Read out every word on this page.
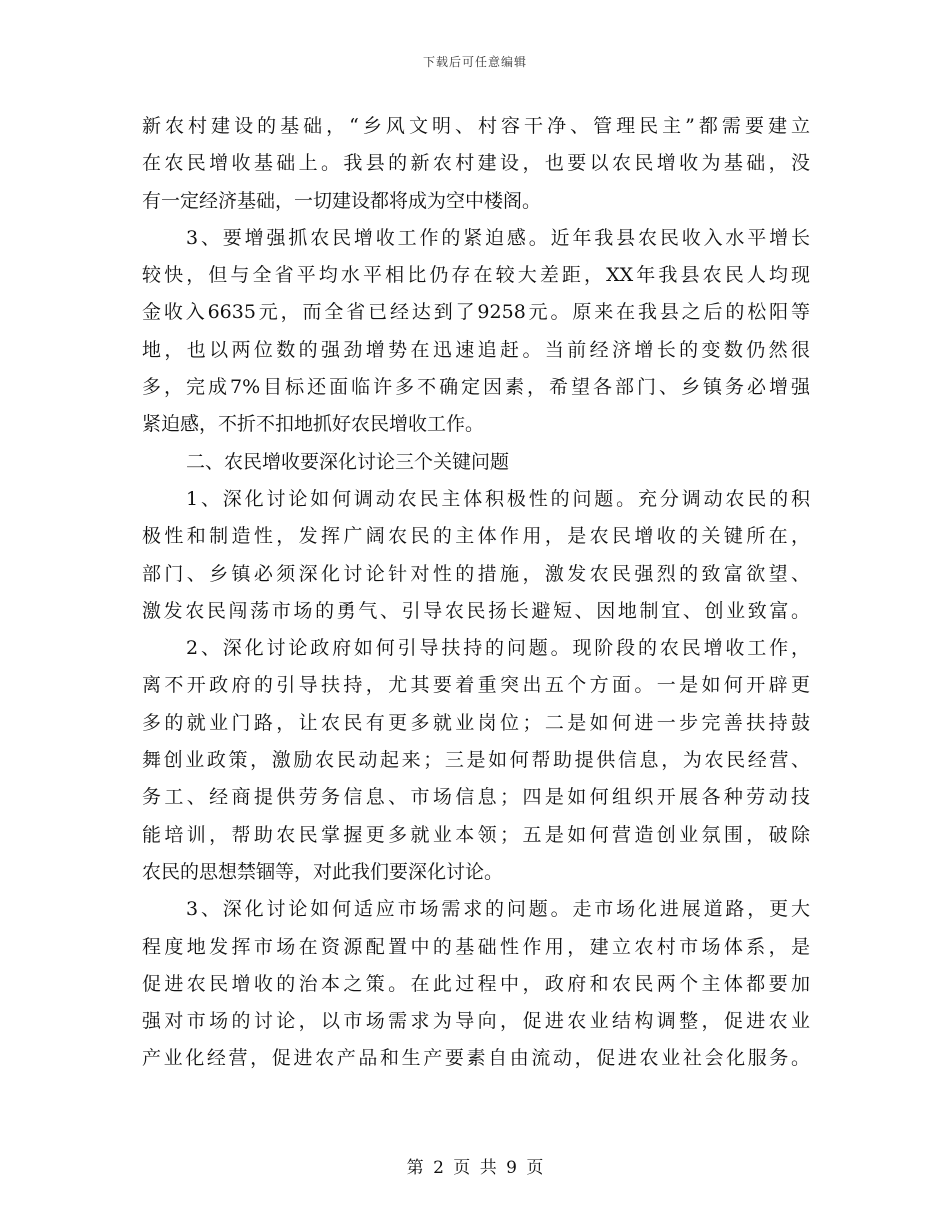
下载后可任意编辑
新农村建设的基础，“乡风文明、村容干净、管理民主”都需要建立
在农民增收基础上。我县的新农村建设，也要以农民增收为基础，没
有一定经济基础，一切建设都将成为空中楼阁。
3、要增强抓农民增收工作的紧迫感。近年我县农民收入水平增长
较快，但与全省平均水平相比仍存在较大差距，XX年我县农民人均现
金收入6635元，而全省已经达到了9258元。原来在我县之后的松阳等
地，也以两位数的强劲增势在迅速追赶。当前经济增长的变数仍然很
多，完成7%目标还面临许多不确定因素，希望各部门、乡镇务必增强
紧迫感，不折不扣地抓好农民增收工作。
二、农民增收要深化讨论三个关键问题
1、深化讨论如何调动农民主体积极性的问题。充分调动农民的积
极性和制造性，发挥广阔农民的主体作用，是农民增收的关键所在，
部门、乡镇必须深化讨论针对性的措施，激发农民强烈的致富欲望、
激发农民闯荡市场的勇气、引导农民扬长避短、因地制宜、创业致富。
2、深化讨论政府如何引导扶持的问题。现阶段的农民增收工作，
离不开政府的引导扶持，尤其要着重突出五个方面。一是如何开辟更
多的就业门路，让农民有更多就业岗位；二是如何进一步完善扶持鼓
舞创业政策，激励农民动起来；三是如何帮助提供信息，为农民经营、
务工、经商提供劳务信息、市场信息；四是如何组织开展各种劳动技
能培训，帮助农民掌握更多就业本领；五是如何营造创业氛围，破除
农民的思想禁锢等，对此我们要深化讨论。
3、深化讨论如何适应市场需求的问题。走市场化进展道路，更大
程度地发挥市场在资源配置中的基础性作用，建立农村市场体系，是
促进农民增收的治本之策。在此过程中，政府和农民两个主体都要加
强对市场的讨论，以市场需求为导向，促进农业结构调整，促进农业
产业化经营，促进农产品和生产要素自由流动，促进农业社会化服务。
第 2 页 共 9 页
